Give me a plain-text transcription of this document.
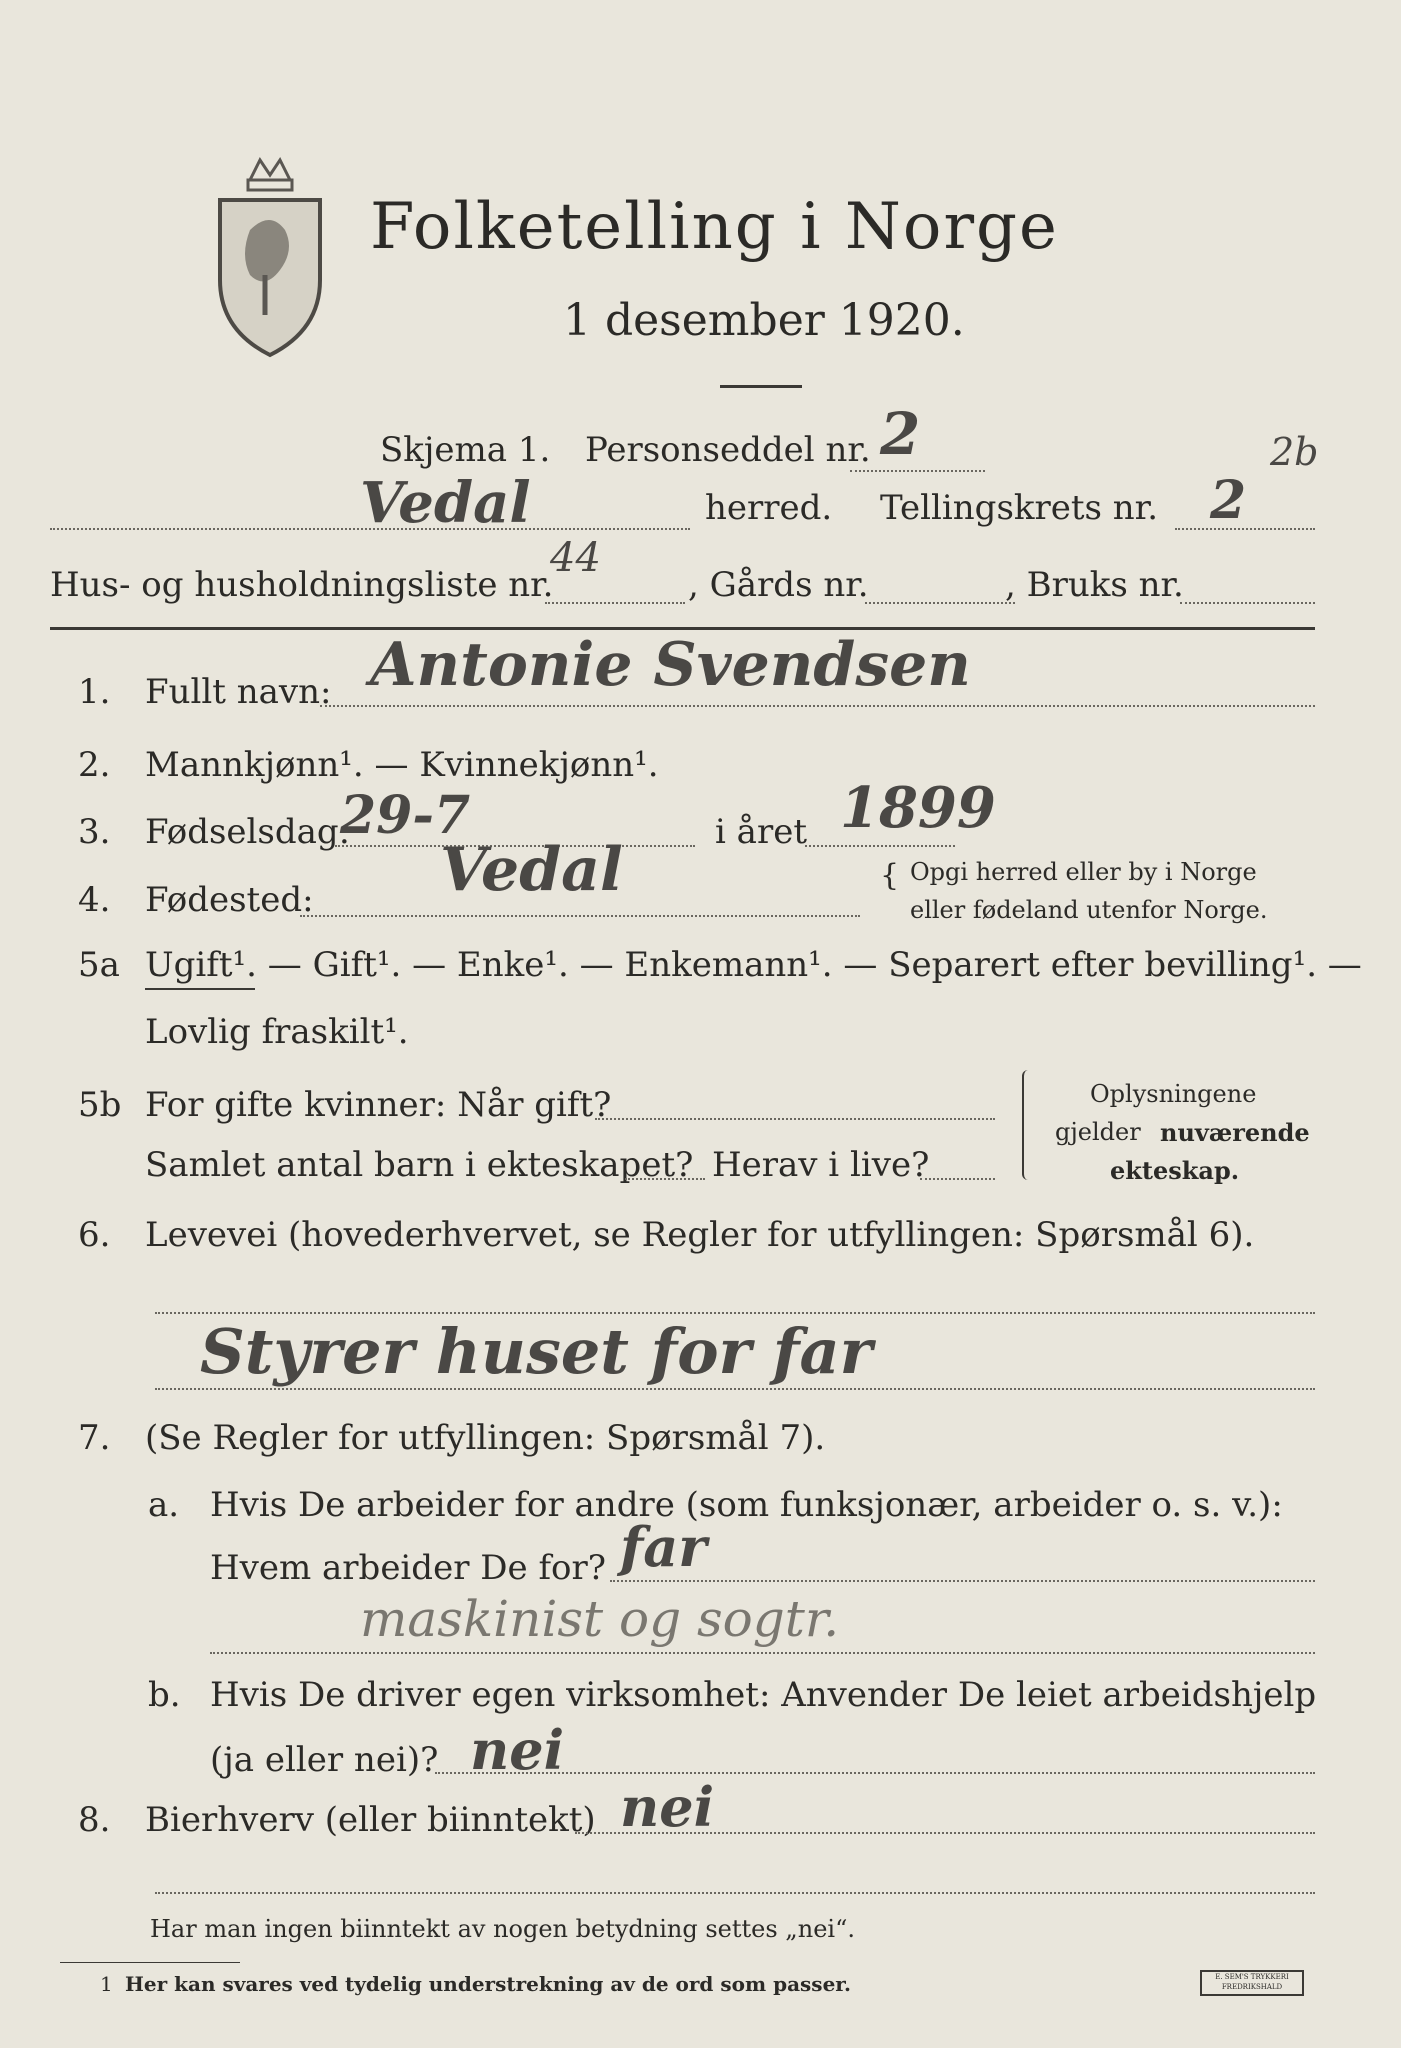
Folketelling i Norge
1 desember 1920.
Skjema 1. Personseddel nr. 2
Vedal	herred. Tellingskrets nr. 2
2b
Hus- og husholdningsliste nr.
44
, Gårds nr.	, Bruks nr.
1. Fullt navn: Antonie Svendsen
2. Mannkjønn¹. — Kvinnekjønn¹.
3. Fødselsdag:
29-7	i året 1899
4. Fødested: Vedal	{ Opgi herred eller by i Norge
eller fødeland utenfor Norge.
5a Ugift¹. — Gift¹. — Enke¹. — Enkemann¹. — Separert efter bevilling¹. —
Lovlig fraskilt¹.
5b For gifte kvinner: Når gift?
Samlet antal barn i ekteskapet? Herav i live?
Oplysningene
gjelder nuværende
ekteskap.
6. Levevei (hovederhvervet, se Regler for utfyllingen: Spørsmål 6).
Styrer huset for far
7. (Se Regler for utfyllingen: Spørsmål 7).
a. Hvis De arbeider for andre (som funksjonær, arbeider o. s. v.):
Hvem arbeider De for? far
maskinist og sogtr.
b. Hvis De driver egen virksomhet: Anvender De leiet arbeidshjelp
(ja eller nei)? nei
8. Bierhverv (eller biinntekt) nei
Har man ingen biinntekt av nogen betydning settes „nei“.
1 Her kan svares ved tydelig understrekning av de ord som passer.	E. SEM'S TRYKKERI
FREDRIKSHALD
